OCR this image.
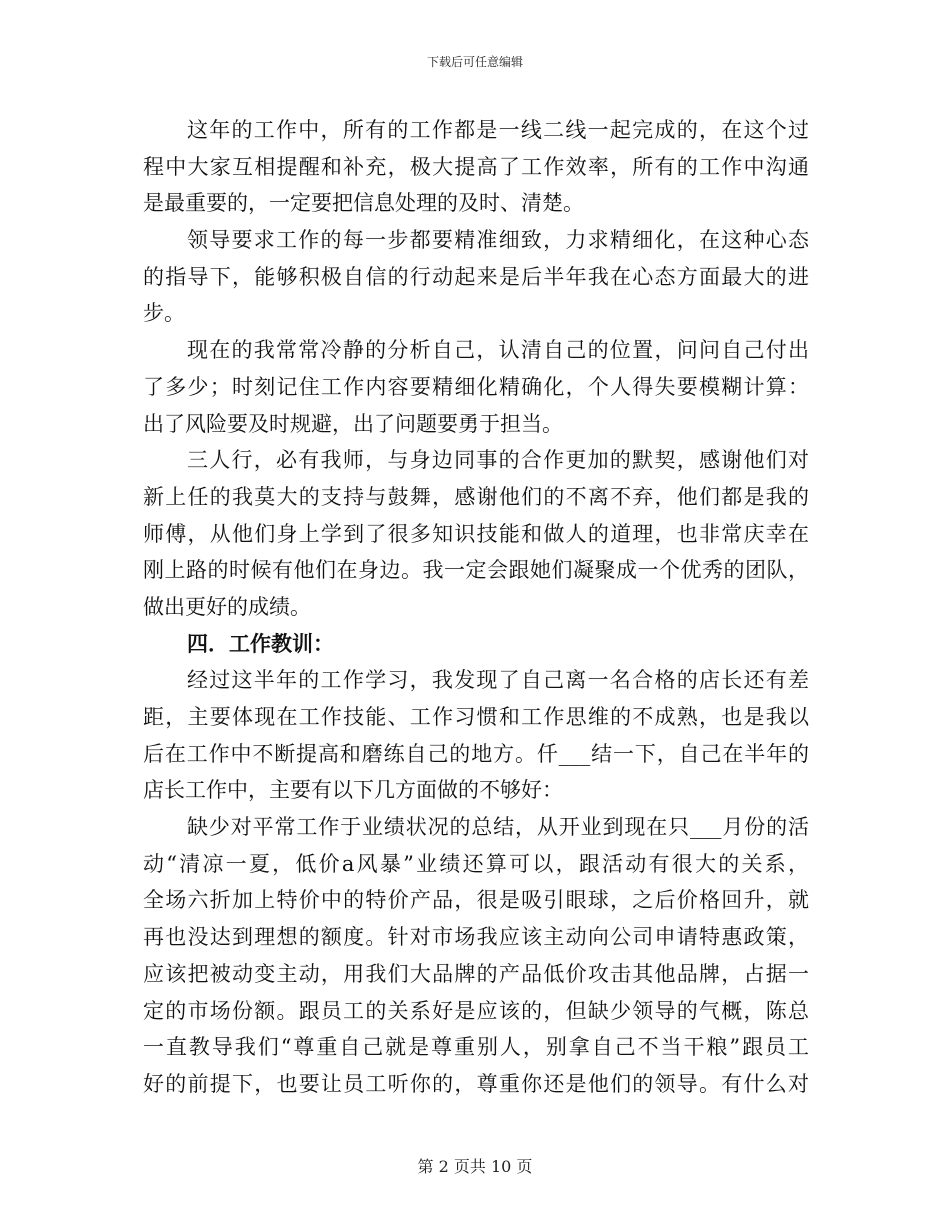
下载后可任意编辑
这年的工作中，所有的工作都是一线二线一起完成的，在这个过
程中大家互相提醒和补充，极大提高了工作效率，所有的工作中沟通
是最重要的，一定要把信息处理的及时、清楚。
领导要求工作的每一步都要精准细致，力求精细化，在这种心态
的指导下，能够积极自信的行动起来是后半年我在心态方面最大的进
步。
现在的我常常冷静的分析自己，认清自己的位置，问问自己付出
了多少；时刻记住工作内容要精细化精确化，个人得失要模糊计算：
出了风险要及时规避，出了问题要勇于担当。
三人行，必有我师，与身边同事的合作更加的默契，感谢他们对
新上任的我莫大的支持与鼓舞，感谢他们的不离不弃，他们都是我的
师傅，从他们身上学到了很多知识技能和做人的道理，也非常庆幸在
刚上路的时候有他们在身边。我一定会跟她们凝聚成一个优秀的团队，
做出更好的成绩。
四．工作教训：
经过这半年的工作学习，我发现了自己离一名合格的店长还有差
距，主要体现在工作技能、工作习惯和工作思维的不成熟，也是我以
后在工作中不断提高和磨练自己的地方。仟___结一下，自己在半年的
店长工作中，主要有以下几方面做的不够好：
缺少对平常工作于业绩状况的总结，从开业到现在只___月份的活
动“清凉一夏，低价a风暴”业绩还算可以，跟活动有很大的关系，
全场六折加上特价中的特价产品，很是吸引眼球，之后价格回升，就
再也没达到理想的额度。针对市场我应该主动向公司申请特惠政策，
应该把被动变主动，用我们大品牌的产品低价攻击其他品牌，占据一
定的市场份额。跟员工的关系好是应该的，但缺少领导的气概，陈总
一直教导我们“尊重自己就是尊重别人，别拿自己不当干粮”跟员工
好的前提下，也要让员工听你的，尊重你还是他们的领导。有什么对
第 2 页共 10 页
